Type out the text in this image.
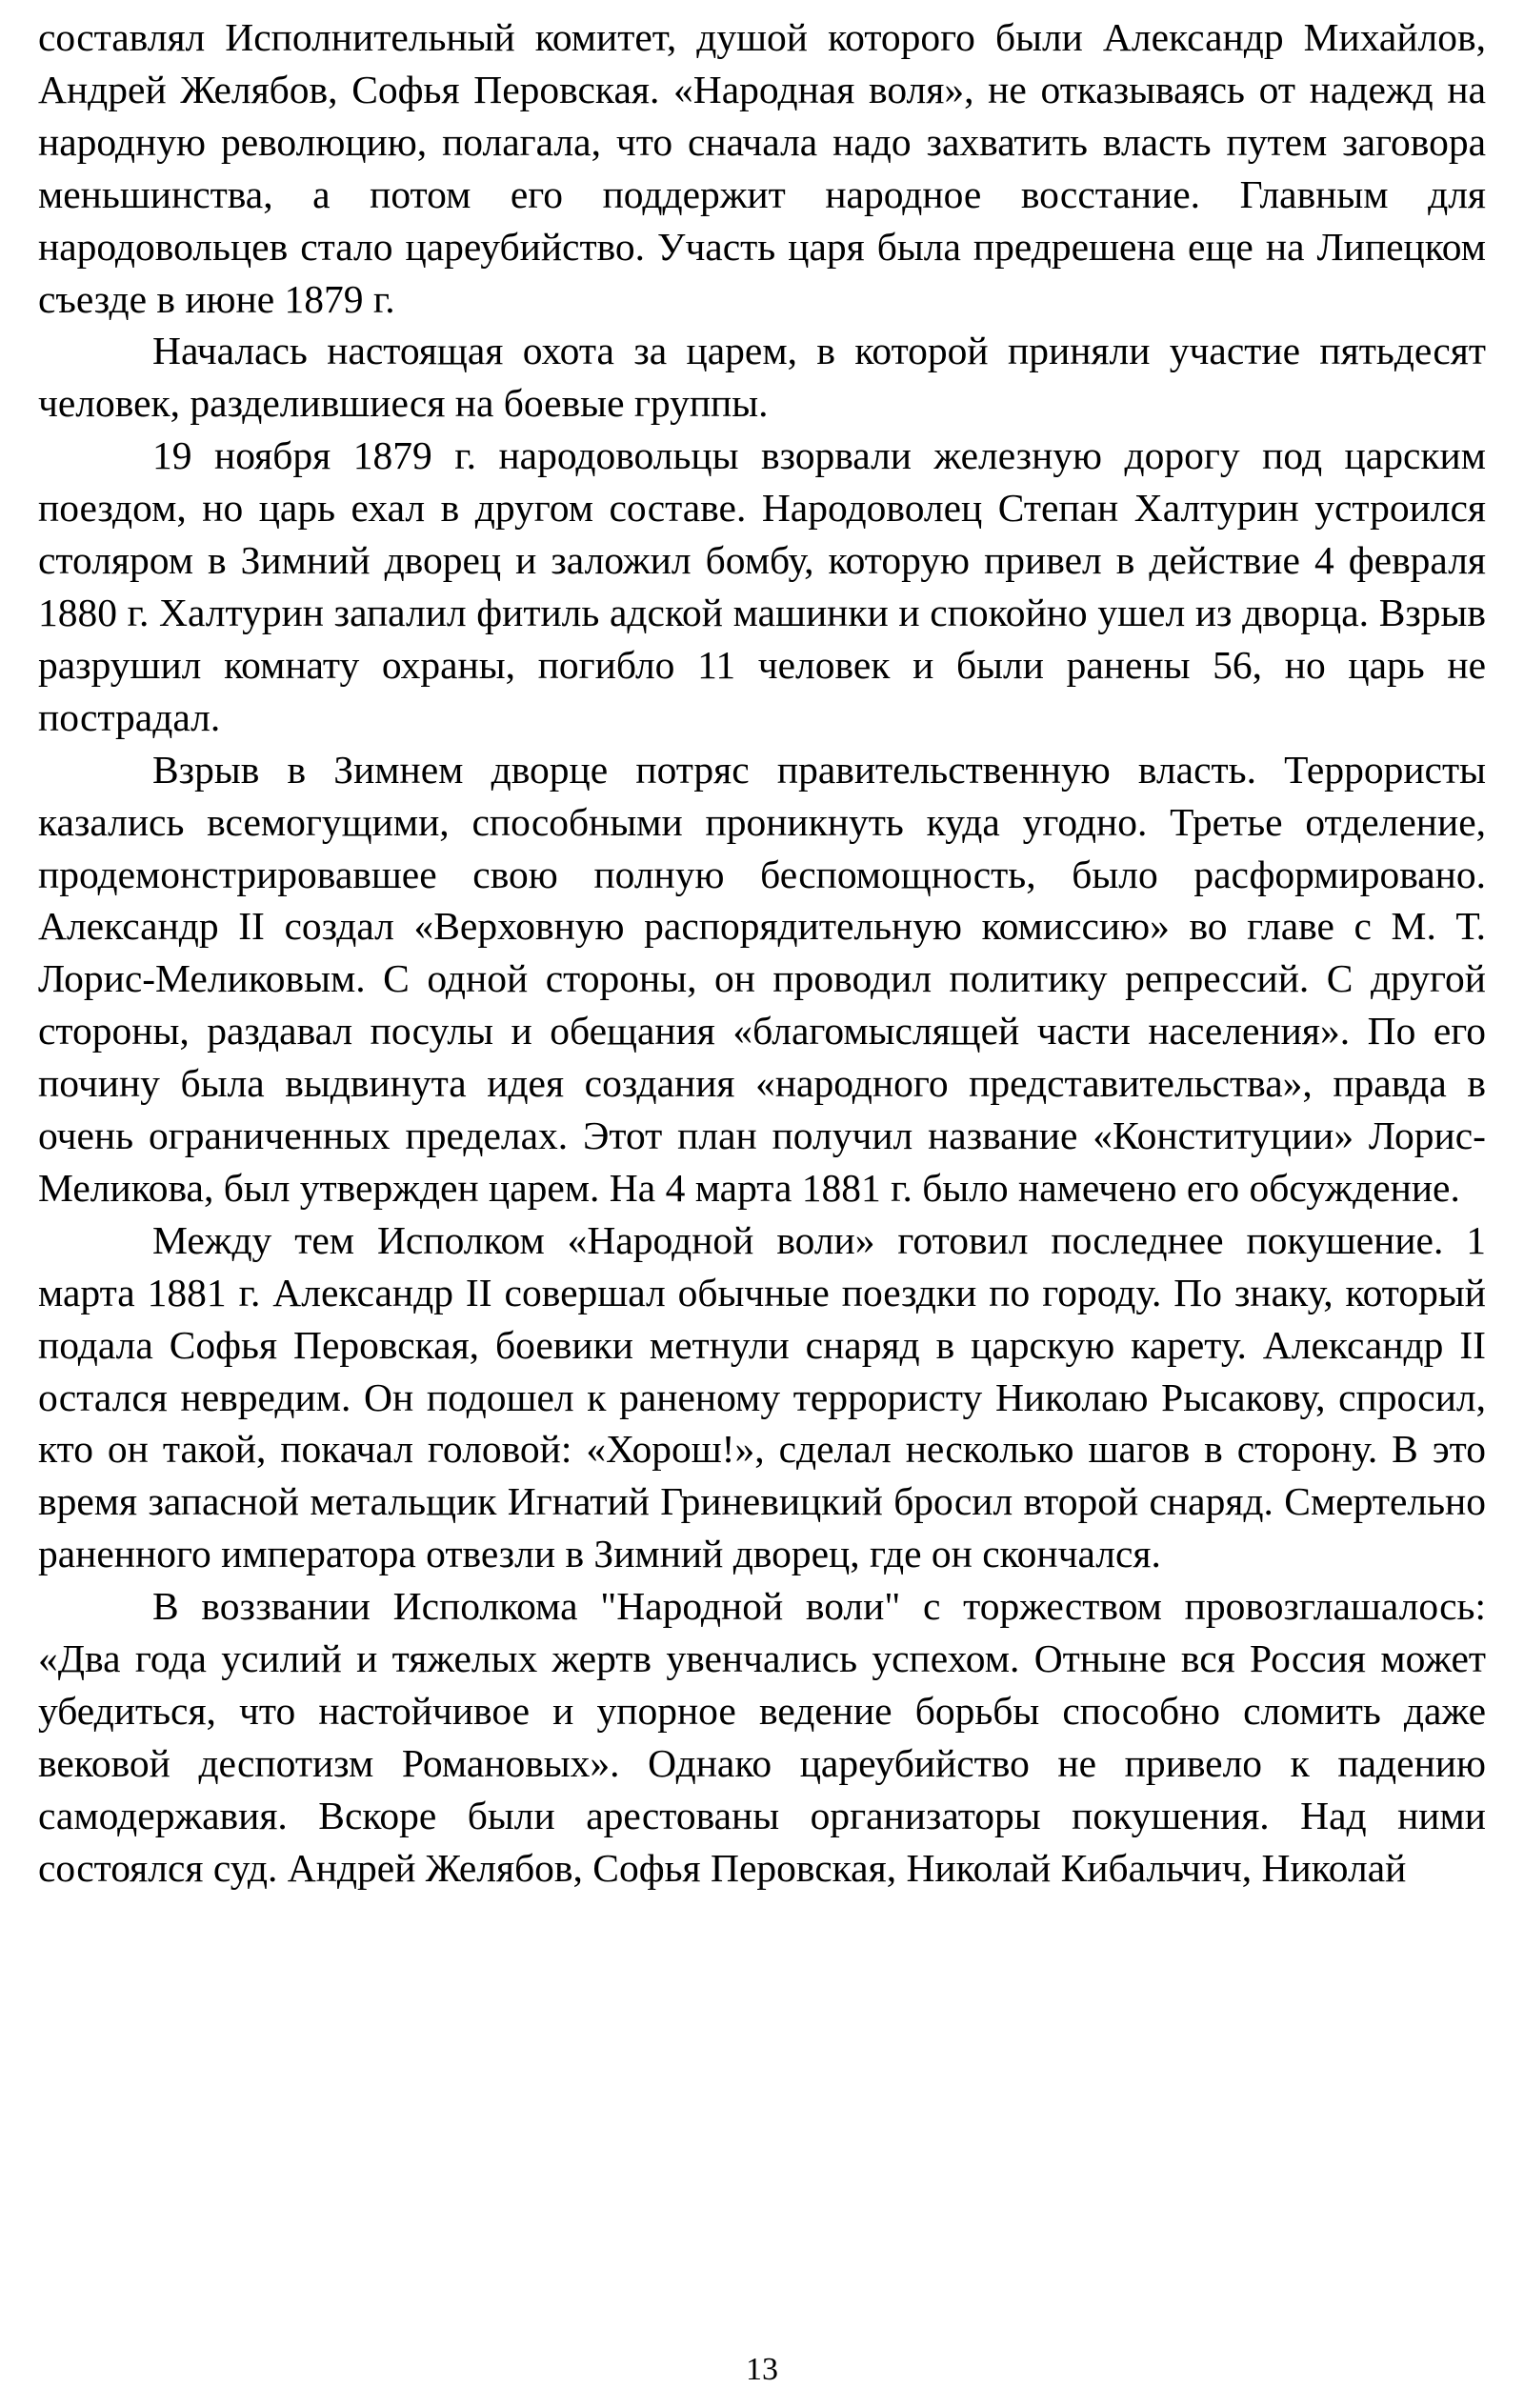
составлял Исполнительный комитет, душой которого были Александр Михайлов, Андрей Желябов, Софья Перовская. «Народная воля», не отказываясь от надежд на народную революцию, полагала, что сначала надо захватить власть путем заговора меньшинства, а потом его поддержит народное восстание. Главным для народовольцев стало цареубийство. Участь царя была предрешена еще на Липецком съезде в июне 1879 г.

Началась настоящая охота за царем, в которой приняли участие пятьдесят человек, разделившиеся на боевые группы.

19 ноября 1879 г. народовольцы взорвали железную дорогу под царским поездом, но царь ехал в другом составе. Народоволец Степан Халтурин устроился столяром в Зимний дворец и заложил бомбу, которую привел в действие 4 февраля 1880 г. Халтурин запалил фитиль адской машинки и спокойно ушел из дворца. Взрыв разрушил комнату охраны, погибло 11 человек и были ранены 56, но царь не пострадал.

Взрыв в Зимнем дворце потряс правительственную власть. Террористы казались всемогущими, способными проникнуть куда угодно. Третье отделение, продемонстрировавшее свою полную беспомощность, было расформировано. Александр II создал «Верховную распорядительную комиссию» во главе с М. Т. Лорис-Меликовым. С одной стороны, он проводил политику репрессий. С другой стороны, раздавал посулы и обещания «благомыслящей части населения». По его почину была выдвинута идея создания «народного представительства», правда в очень ограниченных пределах. Этот план получил название «Конституции» Лорис-Меликова, был утвержден царем. На 4 марта 1881 г. было намечено его обсуждение.

Между тем Исполком «Народной воли» готовил последнее покушение. 1 марта 1881 г. Александр II совершал обычные поездки по городу. По знаку, который подала Софья Перовская, боевики метнули снаряд в царскую карету. Александр II остался невредим. Он подошел к раненому террористу Николаю Рысакову, спросил, кто он такой, покачал головой: «Хорош!», сделал несколько шагов в сторону. В это время запасной метальщик Игнатий Гриневицкий бросил второй снаряд. Смертельно раненного императора отвезли в Зимний дворец, где он скончался.

В воззвании Исполкома "Народной воли" с торжеством провозглашалось: «Два года усилий и тяжелых жертв увенчались успехом. Отныне вся Россия может убедиться, что настойчивое и упорное ведение борьбы способно сломить даже вековой деспотизм Романовых». Однако цареубийство не привело к падению самодержавия. Вскоре были арестованы организаторы покушения. Над ними состоялся суд. Андрей Желябов, Софья Перовская, Николай Кибальчич, Николай

13
